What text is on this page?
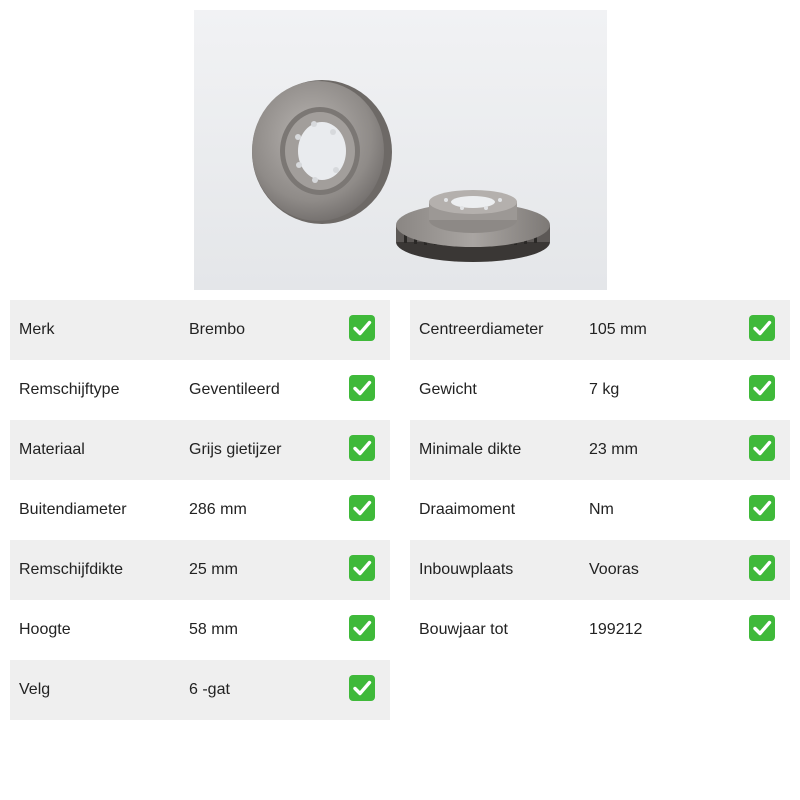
Merk	Brembo
Remschijftype	Geventileerd
Materiaal	Grijs gietijzer
Buitendiameter	286 mm
Remschijfdikte	25 mm
Hoogte	58 mm
Velg	6 -gat
Centreerdiameter	105 mm
Gewicht	7 kg
Minimale dikte	23 mm
Draaimoment	Nm
Inbouwplaats	Vooras
Bouwjaar tot	199212
